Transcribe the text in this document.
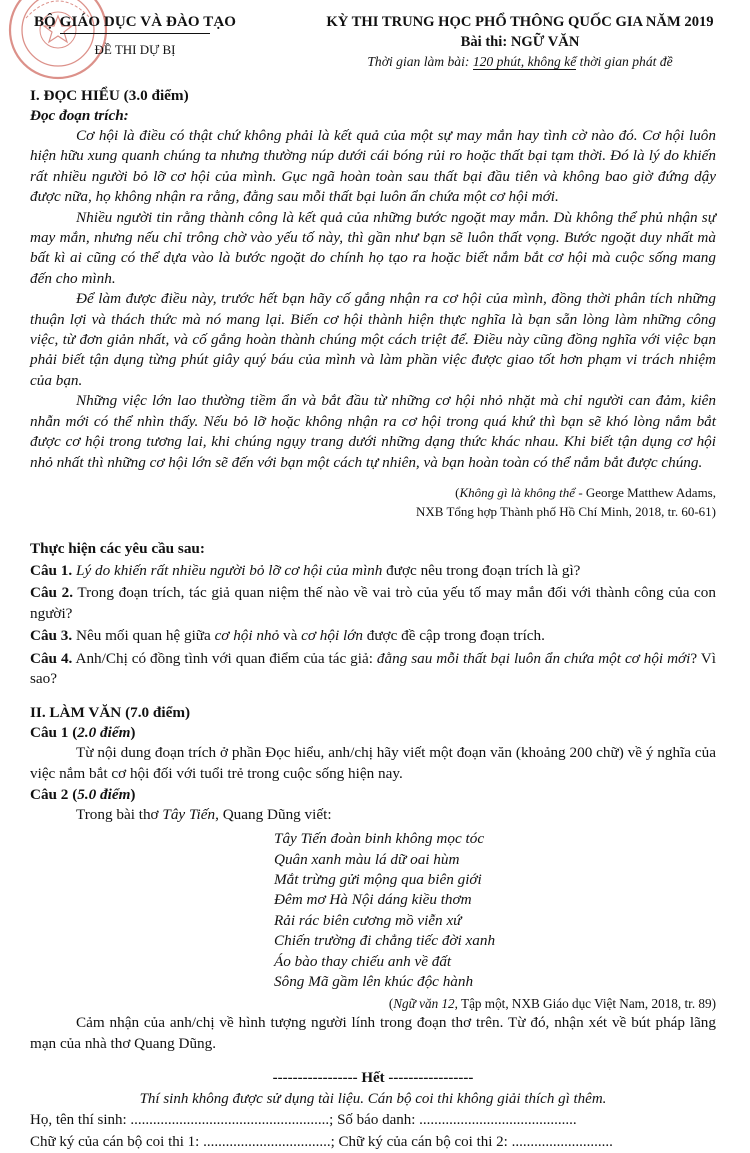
BỘ GIÁO DỤC VÀ ĐÀO TẠO
ĐỀ THI DỰ BỊ
KỲ THI TRUNG HỌC PHỔ THÔNG QUỐC GIA NĂM 2019
Bài thi: NGỮ VĂN
Thời gian làm bài: 120 phút, không kể thời gian phát đề
I. ĐỌC HIỂU (3.0 điểm)
Đọc đoạn trích:

Cơ hội là điều có thật chứ không phải là kết quả của một sự may mắn hay tình cờ nào đó. Cơ hội luôn hiện hữu xung quanh chúng ta nhưng thường núp dưới cái bóng rủi ro hoặc thất bại tạm thời. Đó là lý do khiến rất nhiều người bỏ lỡ cơ hội của mình. Gục ngã hoàn toàn sau thất bại đầu tiên và không bao giờ đứng dậy được nữa, họ không nhận ra rằng, đằng sau mỗi thất bại luôn ẩn chứa một cơ hội mới.

Nhiều người tin rằng thành công là kết quả của những bước ngoặt may mắn. Dù không thể phủ nhận sự may mắn, nhưng nếu chỉ trông chờ vào yếu tố này, thì gần như bạn sẽ luôn thất vọng. Bước ngoặt duy nhất mà bất kì ai cũng có thể dựa vào là bước ngoặt do chính họ tạo ra hoặc biết nắm bắt cơ hội mà cuộc sống mang đến cho mình.

Để làm được điều này, trước hết bạn hãy cố gắng nhận ra cơ hội của mình, đồng thời phân tích những thuận lợi và thách thức mà nó mang lại. Biến cơ hội thành hiện thực nghĩa là bạn sẵn lòng làm những công việc, từ đơn giản nhất, và cố gắng hoàn thành chúng một cách triệt để. Điều này cũng đồng nghĩa với việc bạn phải biết tận dụng từng phút giây quý báu của mình và làm phần việc được giao tốt hơn phạm vi trách nhiệm của bạn.

Những việc lớn lao thường tiềm ẩn và bắt đầu từ những cơ hội nhỏ nhặt mà chỉ người can đảm, kiên nhẫn mới có thể nhìn thấy. Nếu bỏ lỡ hoặc không nhận ra cơ hội trong quá khứ thì bạn sẽ khó lòng nắm bắt được cơ hội trong tương lai, khi chúng ngụy trang dưới những dạng thức khác nhau. Khi biết tận dụng cơ hội nhỏ nhất thì những cơ hội lớn sẽ đến với bạn một cách tự nhiên, và bạn hoàn toàn có thể nắm bắt được chúng.

(Không gì là không thể - George Matthew Adams,
NXB Tổng hợp Thành phố Hồ Chí Minh, 2018, tr. 60-61)
Thực hiện các yêu cầu sau:

Câu 1. Lý do khiến rất nhiều người bỏ lỡ cơ hội của mình được nêu trong đoạn trích là gì?

Câu 2. Trong đoạn trích, tác giả quan niệm thế nào về vai trò của yếu tố may mắn đối với thành công của con người?

Câu 3. Nêu mối quan hệ giữa cơ hội nhỏ và cơ hội lớn được đề cập trong đoạn trích.

Câu 4. Anh/Chị có đồng tình với quan điểm của tác giả: đằng sau mỗi thất bại luôn ẩn chứa một cơ hội mới? Vì sao?

II. LÀM VĂN (7.0 điểm)
Câu 1 (2.0 điểm)

Từ nội dung đoạn trích ở phần Đọc hiểu, anh/chị hãy viết một đoạn văn (khoảng 200 chữ) về ý nghĩa của việc nắm bắt cơ hội đối với tuổi trẻ trong cuộc sống hiện nay.

Câu 2 (5.0 điểm)

Trong bài thơ Tây Tiến, Quang Dũng viết:

Tây Tiến đoàn binh không mọc tóc
Quân xanh màu lá dữ oai hùm
Mắt trừng gửi mộng qua biên giới
Đêm mơ Hà Nội dáng kiều thơm
Rải rác biên cương mồ viễn xứ
Chiến trường đi chẳng tiếc đời xanh
Áo bào thay chiếu anh về đất
Sông Mã gầm lên khúc độc hành
(Ngữ văn 12, Tập một, NXB Giáo dục Việt Nam, 2018, tr. 89)

Cảm nhận của anh/chị về hình tượng người lính trong đoạn thơ trên. Từ đó, nhận xét về bút pháp lãng mạn của nhà thơ Quang Dũng.

----------------- Hết -----------------
Thí sinh không được sử dụng tài liệu. Cán bộ coi thi không giải thích gì thêm.
Họ, tên thí sinh: .....................................................; Số báo danh: ..........................................
Chữ ký của cán bộ coi thi 1: ..................................; Chữ ký của cán bộ coi thi 2: ...........................
